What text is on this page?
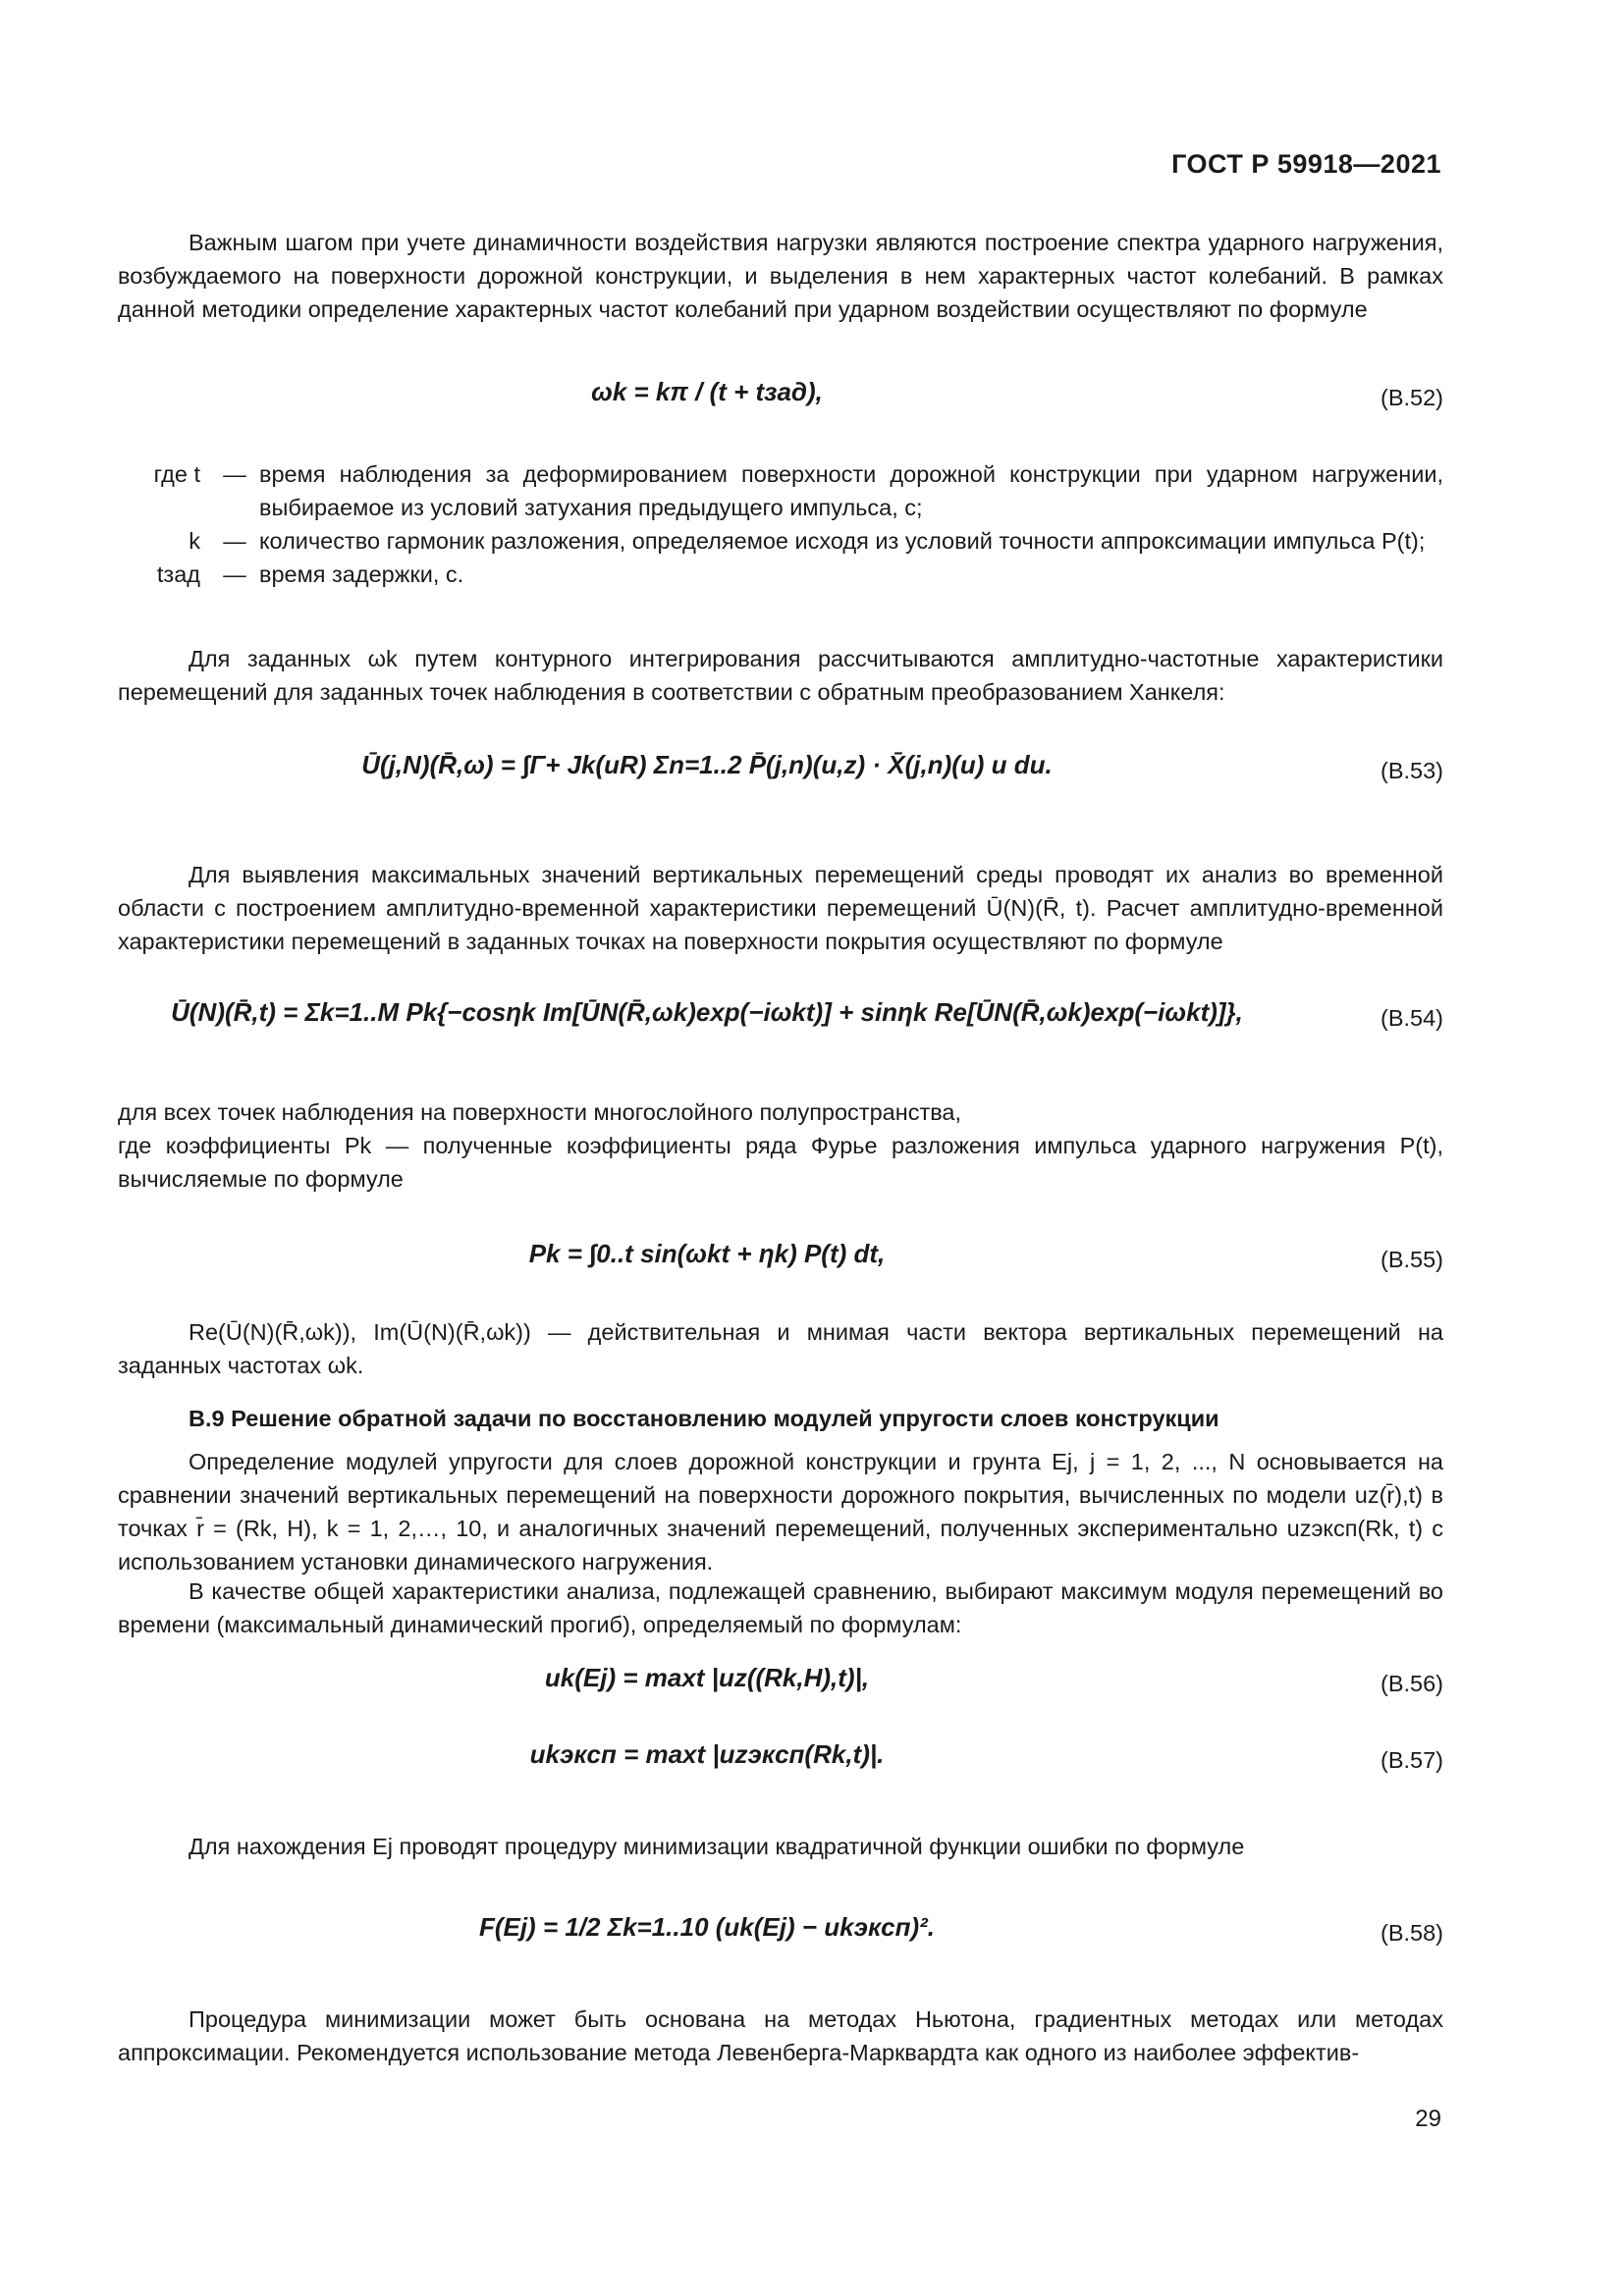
ГОСТ Р 59918—2021
Важным шагом при учете динамичности воздействия нагрузки являются построение спектра ударного нагружения, возбуждаемого на поверхности дорожной конструкции, и выделения в нем характерных частот колебаний. В рамках данной методики определение характерных частот колебаний при ударном воздействии осуществляют по формуле
ωk = kπ / (t + tзад),	(В.52)
где t — время наблюдения за деформированием поверхности дорожной конструкции при ударном нагружении, выбираемое из условий затухания предыдущего импульса, с;
k — количество гармоник разложения, определяемое исходя из условий точности аппроксимации импульса P(t);
tзад — время задержки, с.
Для заданных ωk путем контурного интегрирования рассчитываются амплитудно-частотные характеристики перемещений для заданных точек наблюдения в соответствии с обратным преобразованием Ханкеля:
Ū(j,N)(R̄,ω) = ∫Γ+ Jk(uR) Σn=1..2 P̄(j,n)(u,z) · X̄(j,n)(u) u du.	(В.53)
Для выявления максимальных значений вертикальных перемещений среды проводят их анализ во временной области с построением амплитудно-временной характеристики перемещений Ū(N)(R̄, t). Расчет амплитудно-временной характеристики перемещений в заданных точках на поверхности покрытия осуществляют по формуле
Ū(N)(R̄,t) = Σk=1..M Pk{−cosηk Im[ŪN(R̄,ωk)exp(−iωkt)] + sinηk Re[ŪN(R̄,ωk)exp(−iωkt)]},	(В.54)
для всех точек наблюдения на поверхности многослойного полупространства,
где коэффициенты Pk — полученные коэффициенты ряда Фурье разложения импульса ударного нагружения P(t), вычисляемые по формуле
Pk = ∫0..t sin(ωkt + ηk) P(t) dt,	(В.55)
Re(Ū(N)(R̄,ωk)), Im(Ū(N)(R̄,ωk)) — действительная и мнимая части вектора вертикальных перемещений на заданных частотах ωk.
В.9 Решение обратной задачи по восстановлению модулей упругости слоев конструкции
Определение модулей упругости для слоев дорожной конструкции и грунта Ej, j = 1, 2, ..., N основывается на сравнении значений вертикальных перемещений на поверхности дорожного покрытия, вычисленных по модели uz(r̄),t) в точках r̄ = (Rk, H), k = 1, 2,…, 10, и аналогичных значений перемещений, полученных экспериментально uzэксп(Rk, t) с использованием установки динамического нагружения.
В качестве общей характеристики анализа, подлежащей сравнению, выбирают максимум модуля перемещений во времени (максимальный динамический прогиб), определяемый по формулам:
uk(Ej) = maxt |uz((Rk,H),t)|,	(В.56)
ukэксп = maxt |uzэксп(Rk,t)|.	(В.57)
Для нахождения Ej проводят процедуру минимизации квадратичной функции ошибки по формуле
F(Ej) = 1/2 Σk=1..10 (uk(Ej) − ukэксп)².	(В.58)
Процедура минимизации может быть основана на методах Ньютона, градиентных методах или методах аппроксимации. Рекомендуется использование метода Левенберга-Марквардта как одного из наиболее эффектив-
29
